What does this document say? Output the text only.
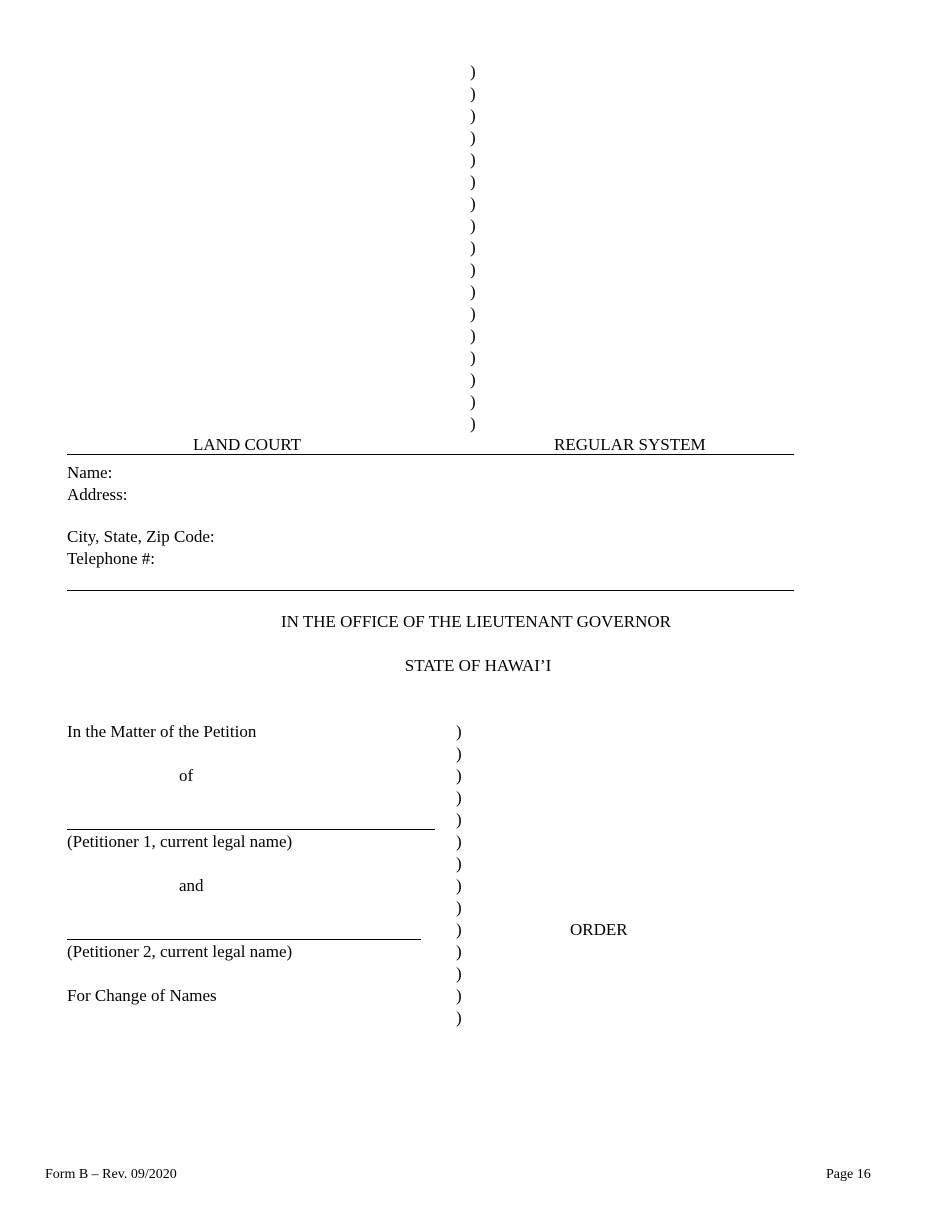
)
)
)
)
)
)
)
)
)
)
)
)
)
)
)
)
)
LAND COURT	REGULAR SYSTEM
Name:
Address:
City, State, Zip Code:
Telephone #:
IN THE OFFICE OF THE LIEUTENANT GOVERNOR
STATE OF HAWAI’I
In the Matter of the Petition
of
(Petitioner 1, current legal name)
and
(Petitioner 2, current legal name)
For Change of Names
)
)
)
)
)
)
)
)
)
)
)
)
)
)
ORDER
Form B – Rev. 09/2020	Page 16
